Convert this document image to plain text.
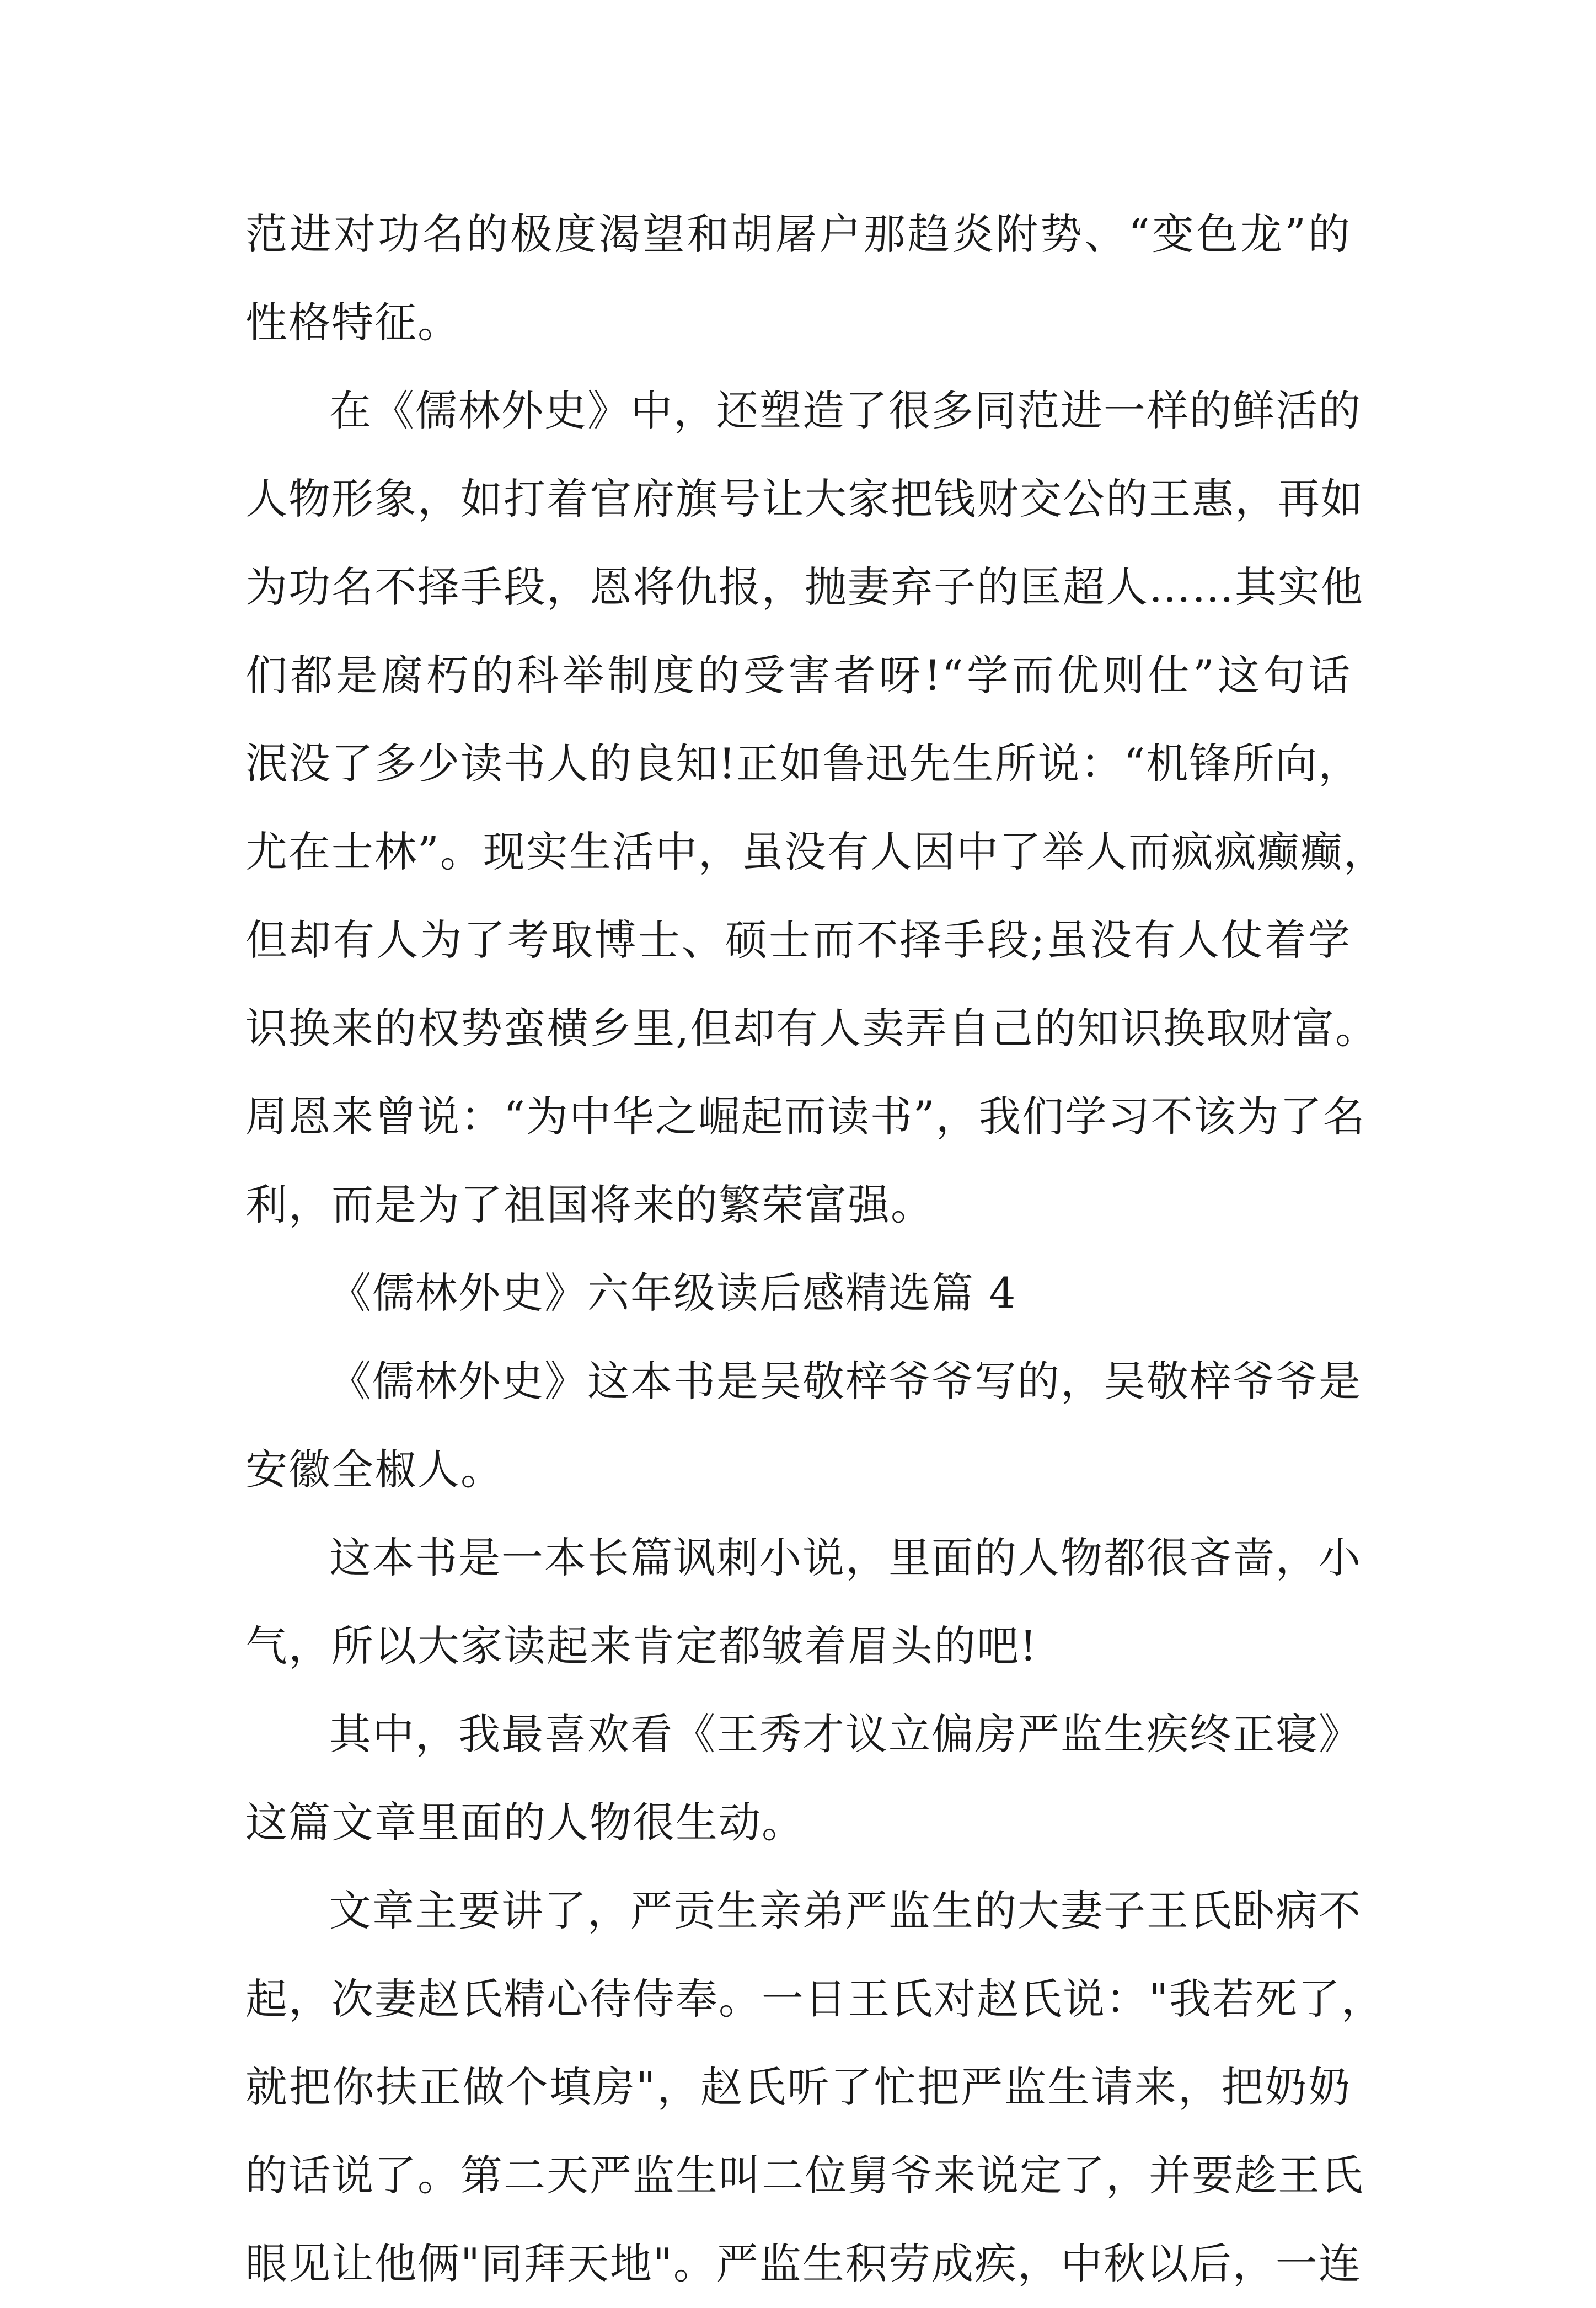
范进对功名的极度渴望和胡屠户那趋炎附势、“变色龙”的
性格特征。
在《儒林外史》中，还塑造了很多同范进一样的鲜活的
人物形象，如打着官府旗号让大家把钱财交公的王惠，再如
为功名不择手段，恩将仇报，抛妻弃子的匡超人……其实他
们都是腐朽的科举制度的受害者呀!“学而优则仕”这句话
泯没了多少读书人的良知!正如鲁迅先生所说：“机锋所向，
尤在士林”。现实生活中，虽没有人因中了举人而疯疯癫癫，
但却有人为了考取博士、硕士而不择手段;虽没有人仗着学
识换来的权势蛮横乡里,但却有人卖弄自己的知识换取财富。
周恩来曾说：“为中华之崛起而读书”，我们学习不该为了名
利，而是为了祖国将来的繁荣富强。
《儒林外史》六年级读后感精选篇 4
《儒林外史》这本书是吴敬梓爷爷写的，吴敬梓爷爷是
安徽全椒人。
这本书是一本长篇讽刺小说，里面的人物都很吝啬，小
气，所以大家读起来肯定都皱着眉头的吧!
其中，我最喜欢看《王秀才议立偏房严监生疾终正寝》
这篇文章里面的人物很生动。
文章主要讲了，严贡生亲弟严监生的大妻子王氏卧病不
起，次妻赵氏精心待侍奉。一日王氏对赵氏说："我若死了，
就把你扶正做个填房"，赵氏听了忙把严监生请来，把奶奶
的话说了。第二天严监生叫二位舅爷来说定了，并要趁王氏
眼见让他俩"同拜天地"。严监生积劳成疾，中秋以后，一连
